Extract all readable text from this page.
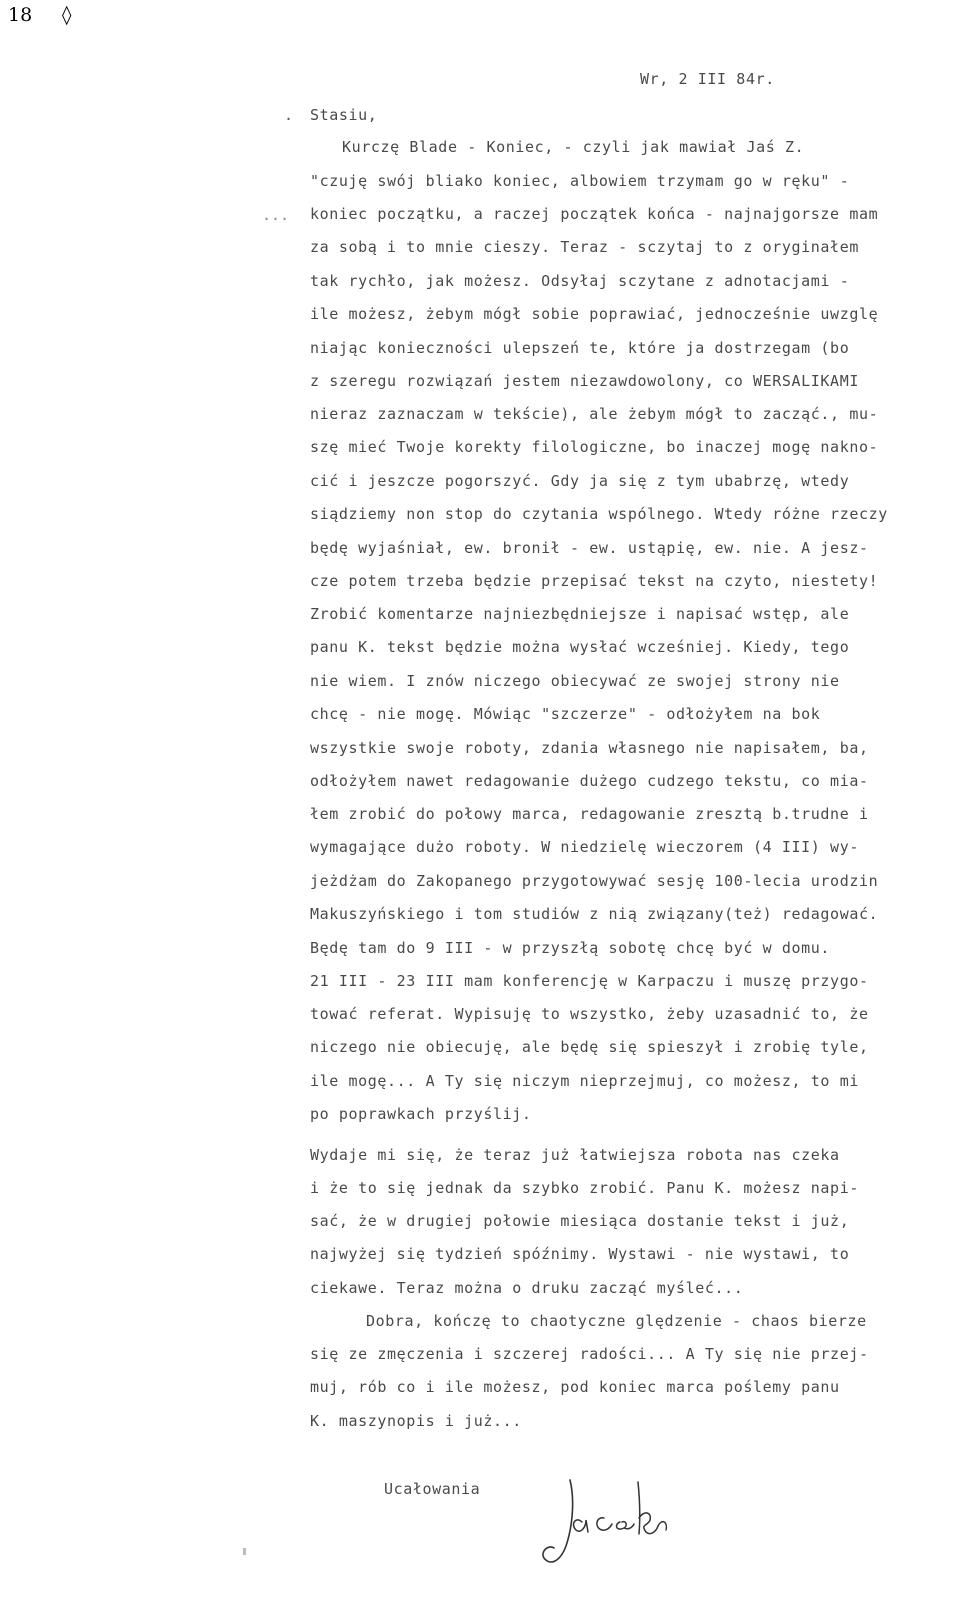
18 ◊
Wr, 2 III 84r.
.
...
Stasiu,
Kurczę Blade - Koniec, - czyli jak mawiał Jaś Z.
"czuję swój bliako koniec, albowiem trzymam go w ręku" -
koniec początku, a raczej początek końca - najnajgorsze mam
za sobą i to mnie cieszy. Teraz - sczytaj to z oryginałem
tak rychło, jak możesz. Odsyłaj sczytane z adnotacjami -
ile możesz, żebym mógł sobie poprawiać, jednocześnie uwzglę
niając konieczności ulepszeń te, które ja dostrzegam (bo
z szeregu rozwiązań jestem niezawdowolony, co WERSALIKAMI
nieraz zaznaczam w tekście), ale żebym mógł to zacząć., mu-
szę mieć Twoje korekty filologiczne, bo inaczej mogę nakno-
cić i jeszcze pogorszyć. Gdy ja się z tym ubabrzę, wtedy
siądziemy non stop do czytania wspólnego. Wtedy różne rzeczy
będę wyjaśniał, ew. bronił - ew. ustąpię, ew. nie. A jesz-
cze potem trzeba będzie przepisać tekst na czyto, niestety!
Zrobić komentarze najniezbędniejsze i napisać wstęp, ale
panu K. tekst będzie można wysłać wcześniej. Kiedy, tego
nie wiem. I znów niczego obiecywać ze swojej strony nie
chcę - nie mogę. Mówiąc "szczerze" - odłożyłem na bok
wszystkie swoje roboty, zdania własnego nie napisałem, ba,
odłożyłem nawet redagowanie dużego cudzego tekstu, co mia-
łem zrobić do połowy marca, redagowanie zresztą b.trudne i
wymagające dużo roboty. W niedzielę wieczorem (4 III) wy-
jeżdżam do Zakopanego przygotowywać sesję 100-lecia urodzin
Makuszyńskiego i tom studiów z nią związany(też) redagować.
Będę tam do 9 III - w przyszłą sobotę chcę być w domu.
21 III - 23 III mam konferencję w Karpaczu i muszę przygo-
tować referat. Wypisuję to wszystko, żeby uzasadnić to, że
niczego nie obiecuję, ale będę się spieszył i zrobię tyle,
ile mogę... A Ty się niczym nieprzejmuj, co możesz, to mi
po poprawkach przyślij.
Wydaje mi się, że teraz już łatwiejsza robota nas czeka
i że to się jednak da szybko zrobić. Panu K. możesz napi-
sać, że w drugiej połowie miesiąca dostanie tekst i już,
najwyżej się tydzień spóźnimy. Wystawi - nie wystawi, to
ciekawe. Teraz można o druku zacząć myśleć...
Dobra, kończę to chaotyczne ględzenie - chaos bierze
się ze zmęczenia i szczerej radości... A Ty się nie przej-
muj, rób co i ile możesz, pod koniec marca poślemy panu
K. maszynopis i już...
Ucałowania
